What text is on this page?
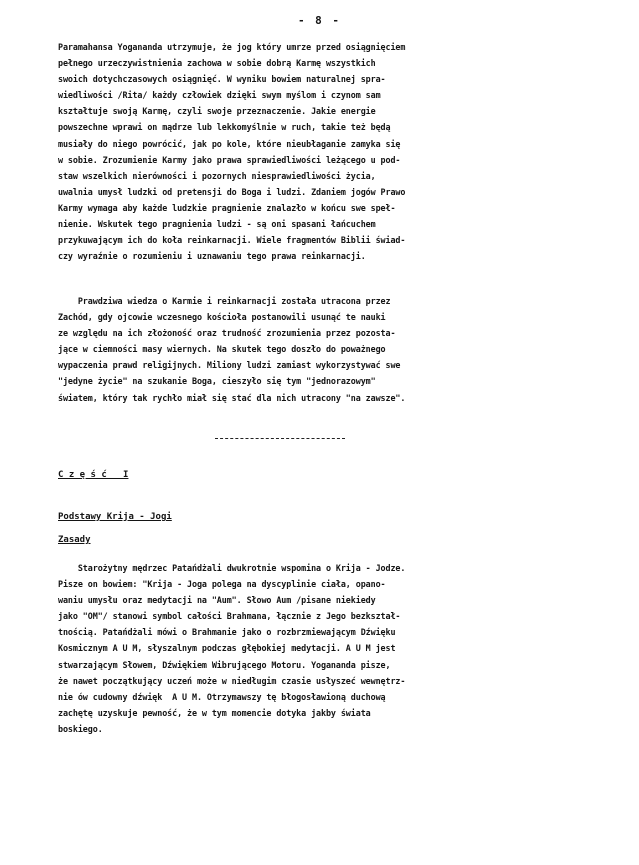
- 8 -
Paramahansa Yogananda utrzymuje, że jog który umrze przed osiągnięciem
pełnego urzeczywistnienia zachowa w sobie dobrą Karmę wszystkich
swoich dotychczasowych osiągnięć. W wyniku bowiem naturalnej spra-
wiedliwości /Rita/ każdy człowiek dzięki swym myślom i czynom sam
kształtuje swoją Karmę, czyli swoje przeznaczenie. Jakie energie
powszechne wprawi on mądrze lub lekkomyślnie w ruch, takie też będą
musiały do niego powrócić, jak po kole, które nieubłaganie zamyka się
w sobie. Zrozumienie Karmy jako prawa sprawiedliwości leżącego u pod-
staw wszelkich nierówności i pozornych niesprawiedliwości życia,
uwalnia umysł ludzki od pretensji do Boga i ludzi. Zdaniem jogów Prawo
Karmy wymaga aby każde ludzkie pragnienie znalazło w końcu swe speł-
nienie. Wskutek tego pragnienia ludzi - są oni spasani łańcuchem
przykuwającym ich do koła reinkarnacji. Wiele fragmentów Biblii świad-
czy wyraźnie o rozumieniu i uznawaniu tego prawa reinkarnacji.
Prawdziwa wiedza o Karmie i reinkarnacji została utracona przez
Zachód, gdy ojcowie wczesnego kościoła postanowili usunąć te nauki
ze względu na ich złożoność oraz trudność zrozumienia przez pozosta-
jące w ciemności masy wiernych. Na skutek tego doszło do poważnego
wypaczenia prawd religijnych. Miliony ludzi zamiast wykorzystywać swe
"jedyne życie" na szukanie Boga, cieszyło się tym "jednorazowym"
światem, który tak rychło miał się stać dla nich utracony "na zawsze".
C z ę ś ć   I
Podstawy Krija - Jogi
Zasady
Starożytny mędrzec Patańdżali dwukrotnie wspomina o Krija - Jodze.
Pisze on bowiem: "Krija - Joga polega na dyscyplinie ciała, opano-
waniu umysłu oraz medytacji na "Aum". Słowo Aum /pisane niekiedy
jako "OM"/ stanowi symbol całości Brahmana, łącznie z Jego bezkształ-
tnością. Patańdżali mówi o Brahmanie jako o rozbrzmiewającym Dźwięku
Kosmicznym A U M, słyszalnym podczas głębokiej medytacji. A U M jest
stwarzającym Słowem, Dźwiękiem Wibrującego Motoru. Yogananda pisze,
że nawet początkujący uczeń może w niedługim czasie usłyszeć wewnętrz-
nie ów cudowny dźwięk  A U M. Otrzymawszy tę błogosławioną duchową
zachętę uzyskuje pewność, że w tym momencie dotyka jakby świata
boskiego.
